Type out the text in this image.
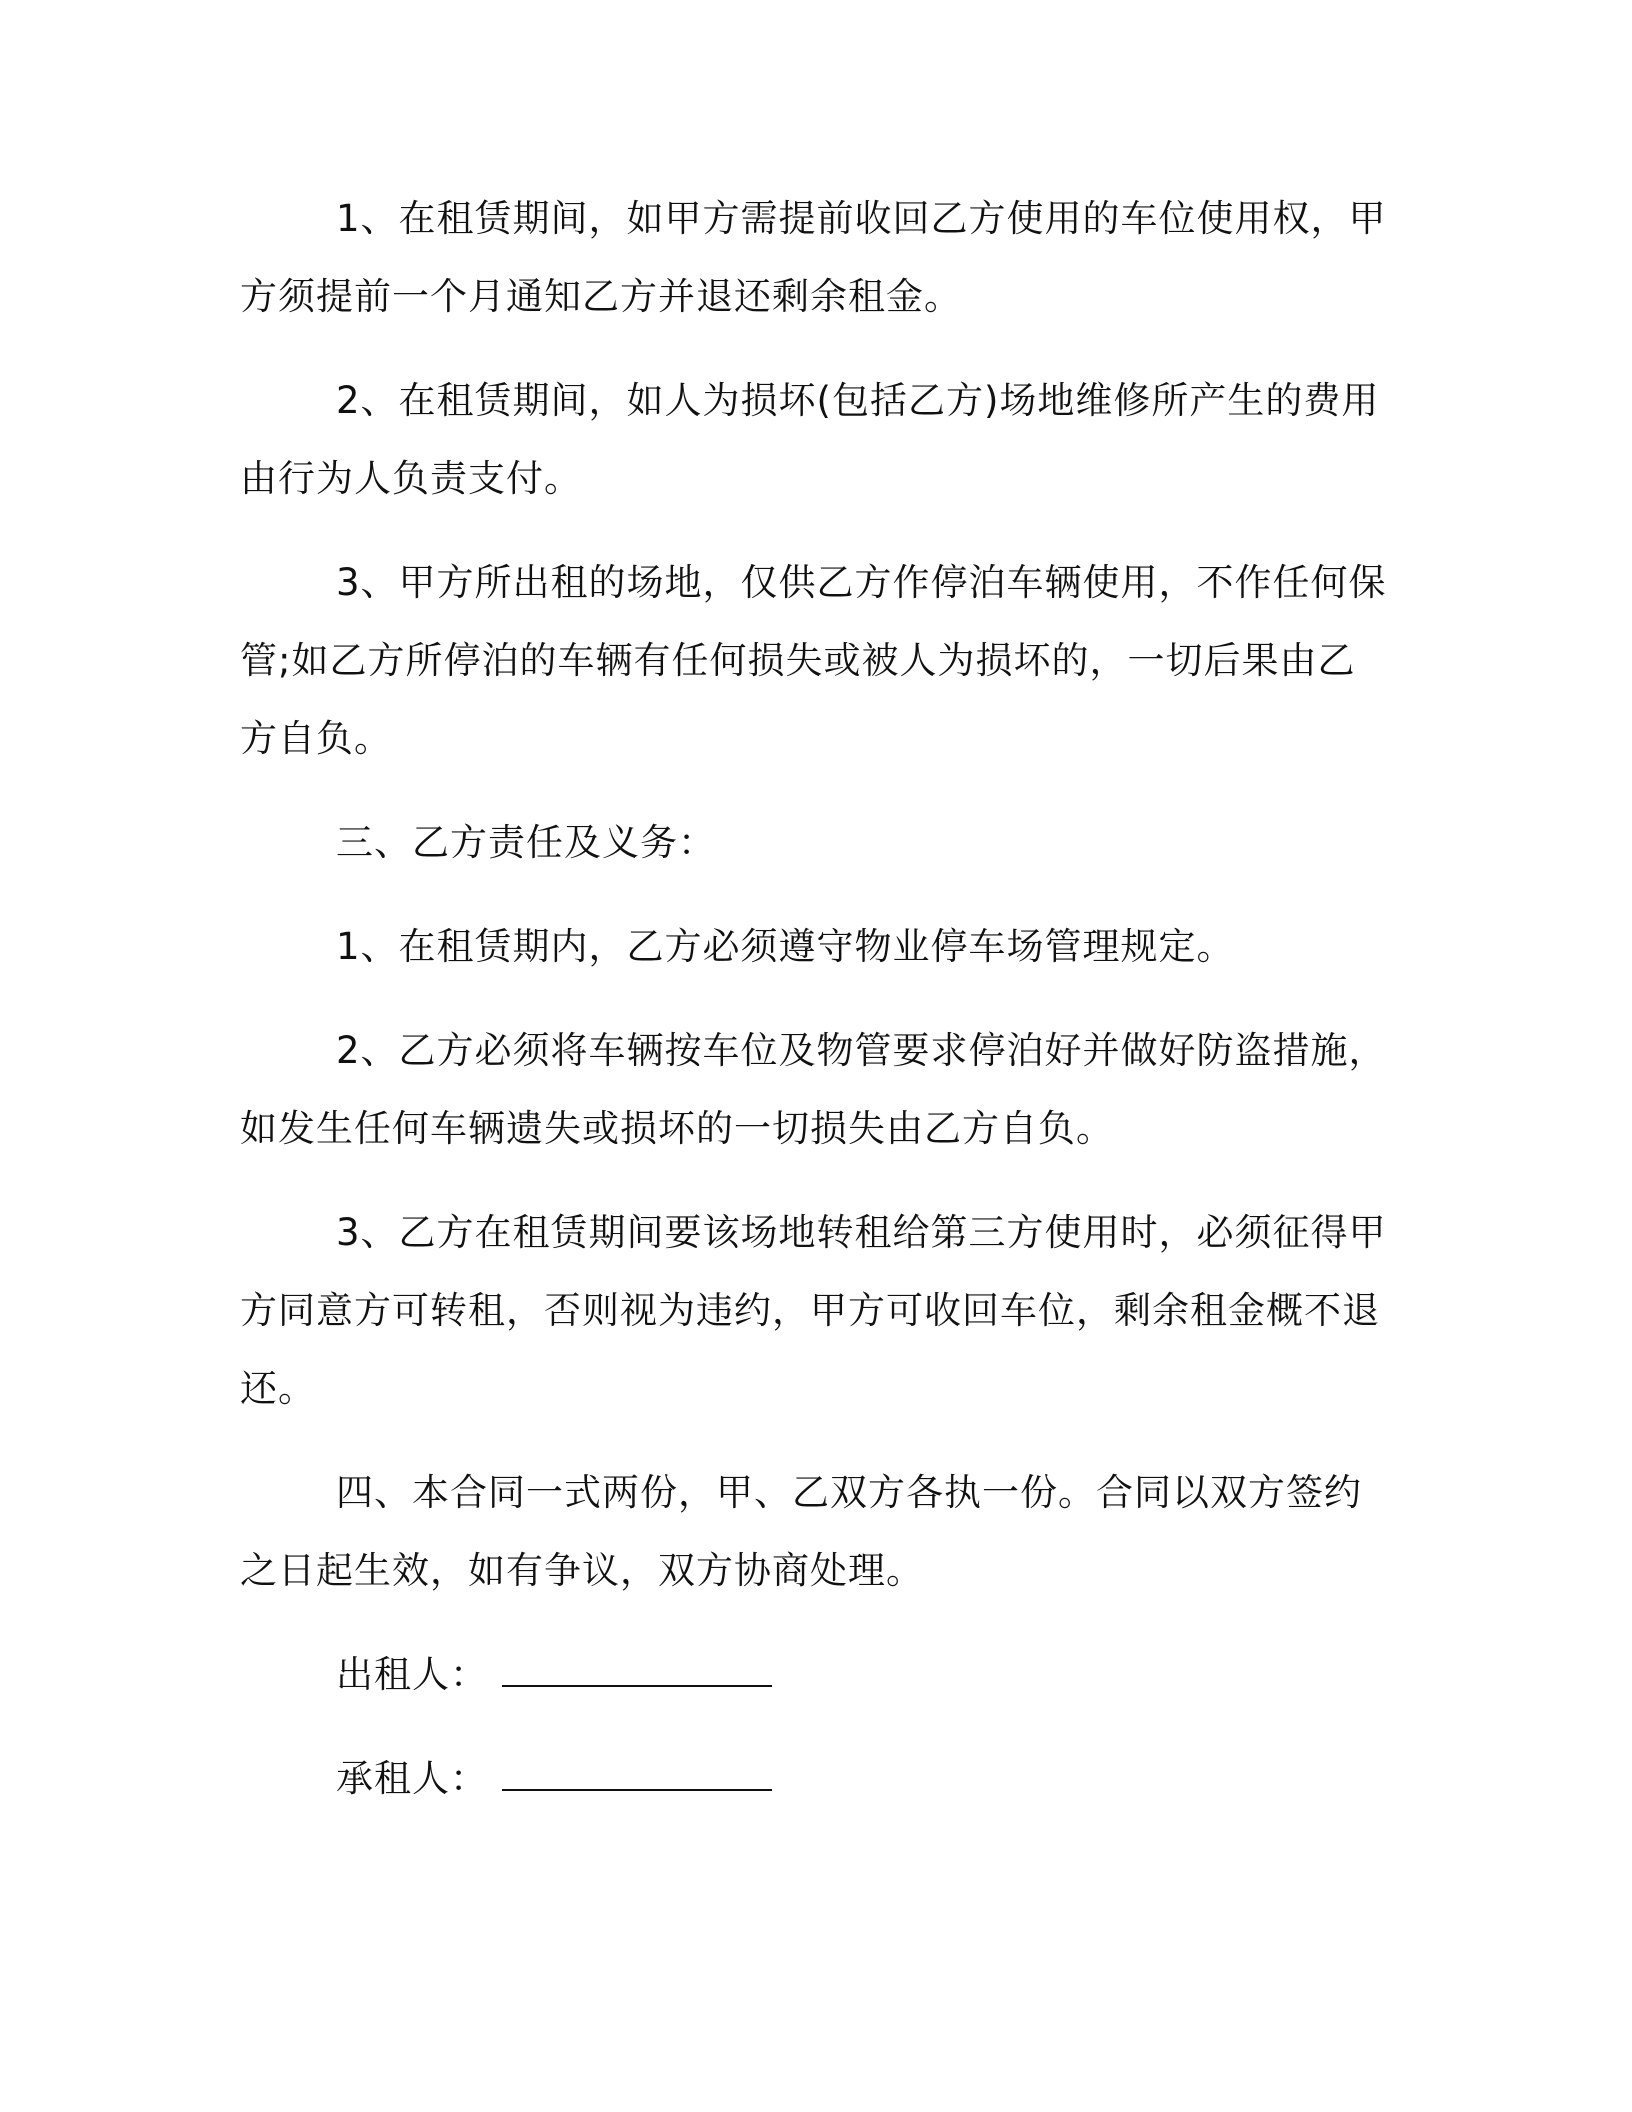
1、在租赁期间，如甲方需提前收回乙方使用的车位使用权，甲方须提前一个月通知乙方并退还剩余租金。

2、在租赁期间，如人为损坏(包括乙方)场地维修所产生的费用由行为人负责支付。

3、甲方所出租的场地，仅供乙方作停泊车辆使用，不作任何保管;如乙方所停泊的车辆有任何损失或被人为损坏的，一切后果由乙方自负。

三、乙方责任及义务：

1、在租赁期内，乙方必须遵守物业停车场管理规定。

2、乙方必须将车辆按车位及物管要求停泊好并做好防盗措施，如发生任何车辆遗失或损坏的一切损失由乙方自负。

3、乙方在租赁期间要该场地转租给第三方使用时，必须征得甲方同意方可转租，否则视为违约，甲方可收回车位，剩余租金概不退还。

四、本合同一式两份，甲、乙双方各执一份。合同以双方签约之日起生效，如有争议，双方协商处理。

出租人：
承租人：
